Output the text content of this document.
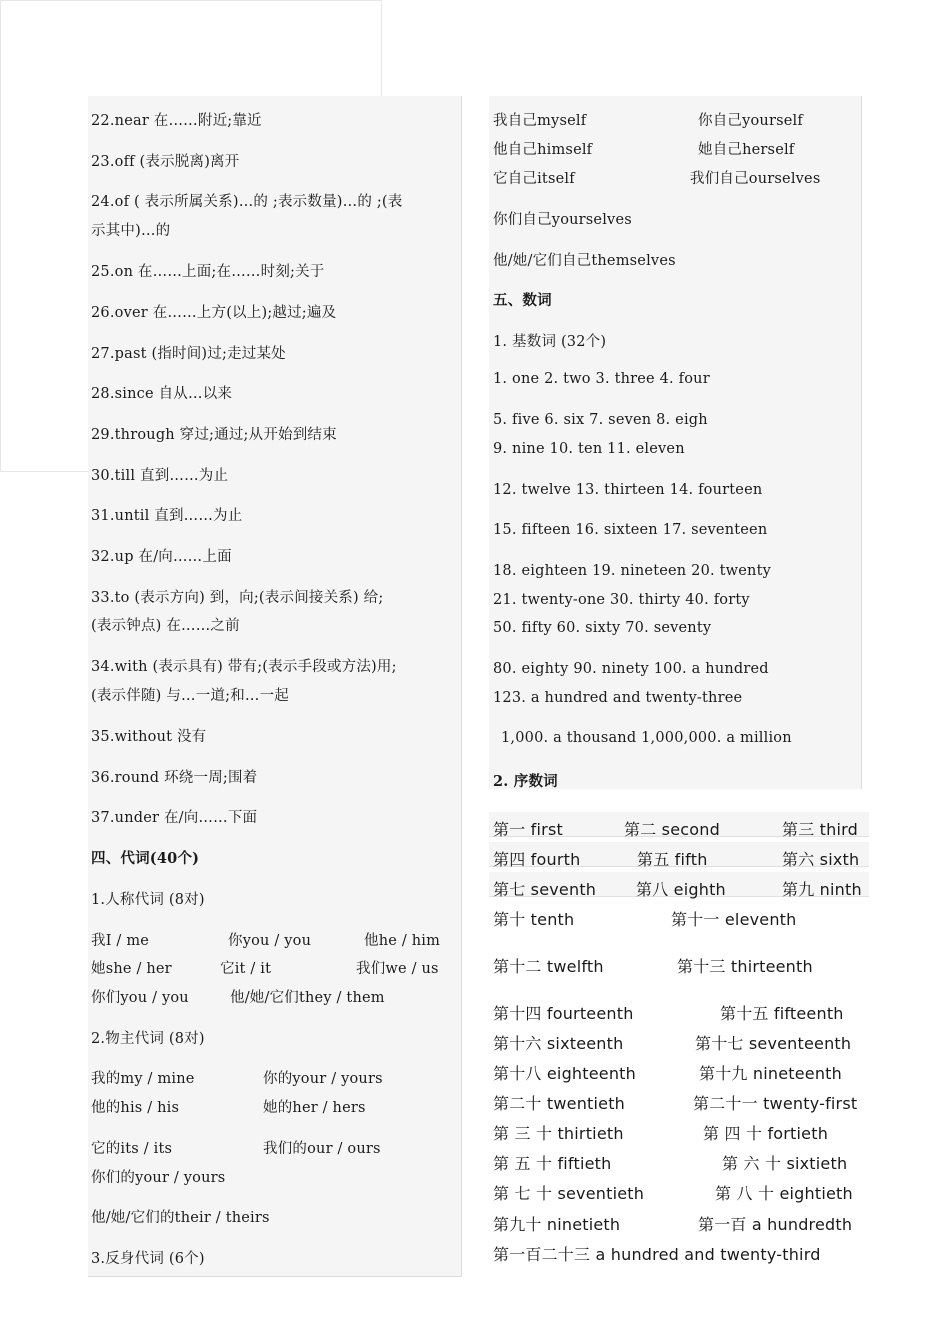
22.near 在……附近;靠近
23.off (表示脱离)离开
24.of ( 表示所属关系)…的 ;表示数量)…的 ;(表
示其中)…的
25.on 在……上面;在……时刻;关于
26.over 在……上方(以上);越过;遍及
27.past (指时间)过;走过某处
28.since 自从…以来
29.through 穿过;通过;从开始到结束
30.till 直到……为止
31.until 直到……为止
32.up 在/向……上面
33.to (表示方向) 到，向;(表示间接关系) 给;
(表示钟点) 在……之前
34.with (表示具有) 带有;(表示手段或方法)用;
(表示伴随) 与…一道;和…一起
35.without 没有
36.round 环绕一周;围着
37.under 在/向……下面
四、代词(40个)
1.人称代词 (8对)
我I / me	你you / you	他he / him
她she / her	它it / it	我们we / us
你们you / you	他/她/它们they / them
2.物主代词 (8对)
我的my / mine	你的your / yours
他的his / his	她的her / hers
它的its / its	我们的our / ours
你们的your / yours
他/她/它们的their / theirs
3.反身代词 (6个)
我自己myself	你自己yourself
他自己himself	她自己herself
它自己itself	我们自己ourselves
你们自己yourselves
他/她/它们自己themselves
五、数词
1. 基数词 (32个)
1. one 2. two 3. three 4. four
5. five 6. six 7. seven 8. eigh
9. nine 10. ten 11. eleven
12. twelve 13. thirteen 14. fourteen
15. fifteen 16. sixteen 17. seventeen
18. eighteen 19. nineteen 20. twenty
21. twenty-one 30. thirty 40. forty
50. fifty 60. sixty 70. seventy
80. eighty 90. ninety 100. a hundred
123. a hundred and twenty-three
1,000. a thousand 1,000,000. a million
2. 序数词
第一 first	第二 second	第三 third
第四 fourth	第五 fifth	第六 sixth
第七 seventh 第八 eighth	第九 ninth
第十 tenth	第十一 eleventh
第十二 twelfth	第十三 thirteenth
第十四 fourteenth	第十五 fifteenth
第十六 sixteenth	第十七 seventeenth
第十八 eighteenth	第十九 nineteenth
第二十 twentieth	第二十一 twenty-first
第 三 十 thirtieth	第 四 十 fortieth
第 五 十 fiftieth	第 六 十 sixtieth
第 七 十 seventieth	第 八 十 eightieth
第九十 ninetieth	第一百 a hundredth
第一百二十三 a hundred and twenty-third
